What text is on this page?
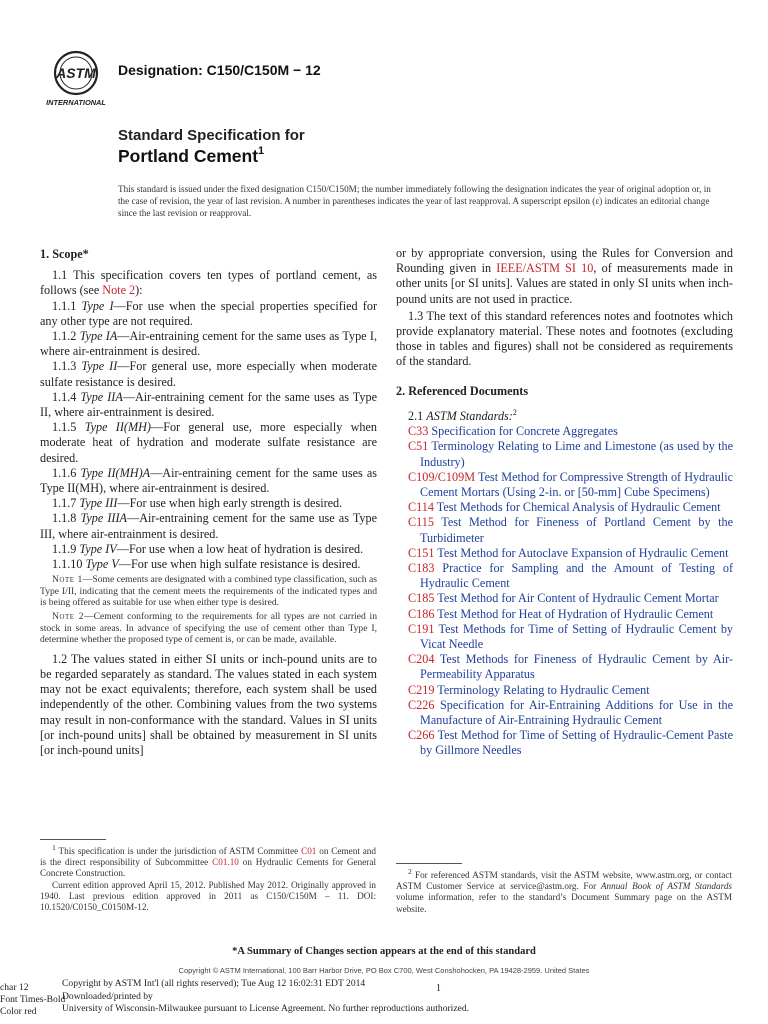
ASTM
INTERNATIONAL
Designation: C150/C150M − 12
Standard Specification for
Portland Cement$^1$
This standard is issued under the fixed designation C150/C150M; the number immediately following the designation indicates the year of original adoption or, in the case of revision, the year of last revision. A number in parentheses indicates the year of last reapproval. A superscript epsilon (ε) indicates an editorial change since the last revision or reapproval.
1. Scope*

1.1 This specification covers ten types of portland cement, as follows (see Note 2):

1.1.1 Type I—For use when the special properties specified for any other type are not required.

1.1.2 Type IA—Air-entraining cement for the same uses as Type I, where air-entrainment is desired.

1.1.3 Type II—For general use, more especially when moderate sulfate resistance is desired.

1.1.4 Type IIA—Air-entraining cement for the same uses as Type II, where air-entrainment is desired.

1.1.5 Type II(MH)—For general use, more especially when moderate heat of hydration and moderate sulfate resistance are desired.

1.1.6 Type II(MH)A—Air-entraining cement for the same uses as Type II(MH), where air-entrainment is desired.

1.1.7 Type III—For use when high early strength is desired.

1.1.8 Type IIIA—Air-entraining cement for the same use as Type III, where air-entrainment is desired.

1.1.9 Type IV—For use when a low heat of hydration is desired.

1.1.10 Type V—For use when high sulfate resistance is desired.

Note 1—Some cements are designated with a combined type classification, such as Type I/II, indicating that the cement meets the requirements of the indicated types and is being offered as suitable for use when either type is desired.
Note 2—Cement conforming to the requirements for all types are not carried in stock in some areas. In advance of specifying the use of cement other than Type I, determine whether the proposed type of cement is, or can be made, available.

1.2 The values stated in either SI units or inch-pound units are to be regarded separately as standard. The values stated in each system may not be exact equivalents; therefore, each system shall be used independently of the other. Combining values from the two systems may result in non-conformance with the standard. Values in SI units [or inch-pound units] shall be obtained by measurement in SI units [or inch-pound units]

or by appropriate conversion, using the Rules for Conversion and Rounding given in IEEE/ASTM SI 10, of measurements made in other units [or SI units]. Values are stated in only SI units when inch-pound units are not used in practice.

1.3 The text of this standard references notes and footnotes which provide explanatory material. These notes and footnotes (excluding those in tables and figures) shall not be considered as requirements of the standard.

2. Referenced Documents

2.1 ASTM Standards:$^2$

C33 Specification for Concrete Aggregates

C51 Terminology Relating to Lime and Limestone (as used by the Industry)

C109/C109M Test Method for Compressive Strength of Hydraulic Cement Mortars (Using 2-in. or [50-mm] Cube Specimens)

C114 Test Methods for Chemical Analysis of Hydraulic Cement

C115 Test Method for Fineness of Portland Cement by the Turbidimeter

C151 Test Method for Autoclave Expansion of Hydraulic Cement

C183 Practice for Sampling and the Amount of Testing of Hydraulic Cement

C185 Test Method for Air Content of Hydraulic Cement Mortar

C186 Test Method for Heat of Hydration of Hydraulic Cement

C191 Test Methods for Time of Setting of Hydraulic Cement by Vicat Needle

C204 Test Methods for Fineness of Hydraulic Cement by Air-Permeability Apparatus

C219 Terminology Relating to Hydraulic Cement

C226 Specification for Air-Entraining Additions for Use in the Manufacture of Air-Entraining Hydraulic Cement

C266 Test Method for Time of Setting of Hydraulic-Cement Paste by Gillmore Needles

$^1$ This specification is under the jurisdiction of ASTM Committee C01 on Cement and is the direct responsibility of Subcommittee C01.10 on Hydraulic Cements for General Concrete Construction.
Current edition approved April 15, 2012. Published May 2012. Originally approved in 1940. Last previous edition approved in 2011 as C150/C150M – 11. DOI: 10.1520/C0150_C0150M-12.
$^2$ For referenced ASTM standards, visit the ASTM website, www.astm.org, or contact ASTM Customer Service at service@astm.org. For Annual Book of ASTM Standards volume information, refer to the standard’s Document Summary page on the ASTM website.
*A Summary of Changes section appears at the end of this standard
Copyright © ASTM International, 100 Barr Harbor Drive, PO Box C700, West Conshohocken, PA 19428-2959. United States
Copyright by ASTM Int'l (all rights reserved); Tue Aug 12 16:02:31 EDT 2014
Downloaded/printed by
University of Wisconsin-Milwaukee pursuant to License Agreement. No further reproductions authorized.
char 12
Font Times-Bold
Color red
1
